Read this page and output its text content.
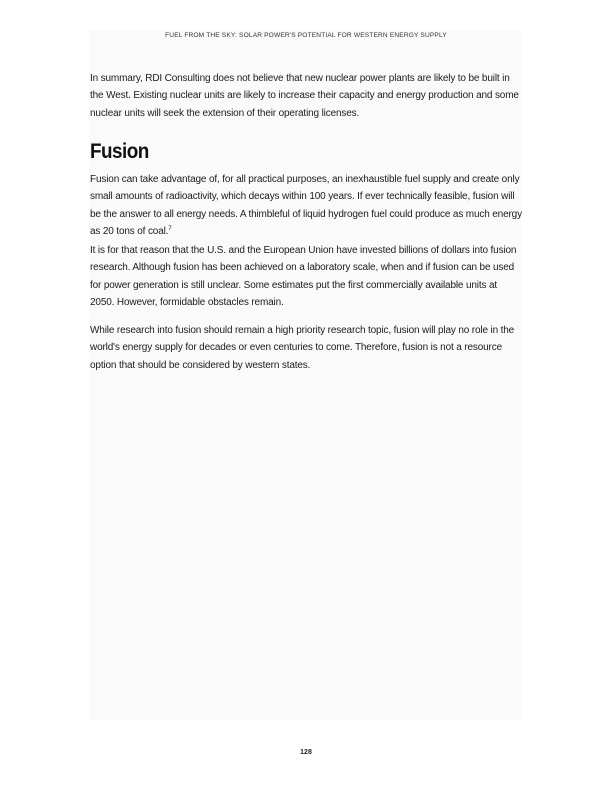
FUEL FROM THE SKY: SOLAR POWER'S POTENTIAL FOR WESTERN ENERGY SUPPLY

In summary, RDI Consulting does not believe that new nuclear power plants are likely to be built in the West. Existing nuclear units are likely to increase their capacity and energy production and some nuclear units will seek the extension of their operating licenses.

Fusion

Fusion can take advantage of, for all practical purposes, an inexhaustible fuel supply and create only small amounts of radioactivity, which decays within 100 years. If ever technically feasible, fusion will be the answer to all energy needs. A thimbleful of liquid hydrogen fuel could produce as much energy as 20 tons of coal.$^7$

It is for that reason that the U.S. and the European Union have invested billions of dollars into fusion research. Although fusion has been achieved on a laboratory scale, when and if fusion can be used for power generation is still unclear. Some estimates put the first commercially available units at 2050. However, formidable obstacles remain.

While research into fusion should remain a high priority research topic, fusion will play no role in the world's energy supply for decades or even centuries to come. Therefore, fusion is not a resource option that should be considered by western states.

128
